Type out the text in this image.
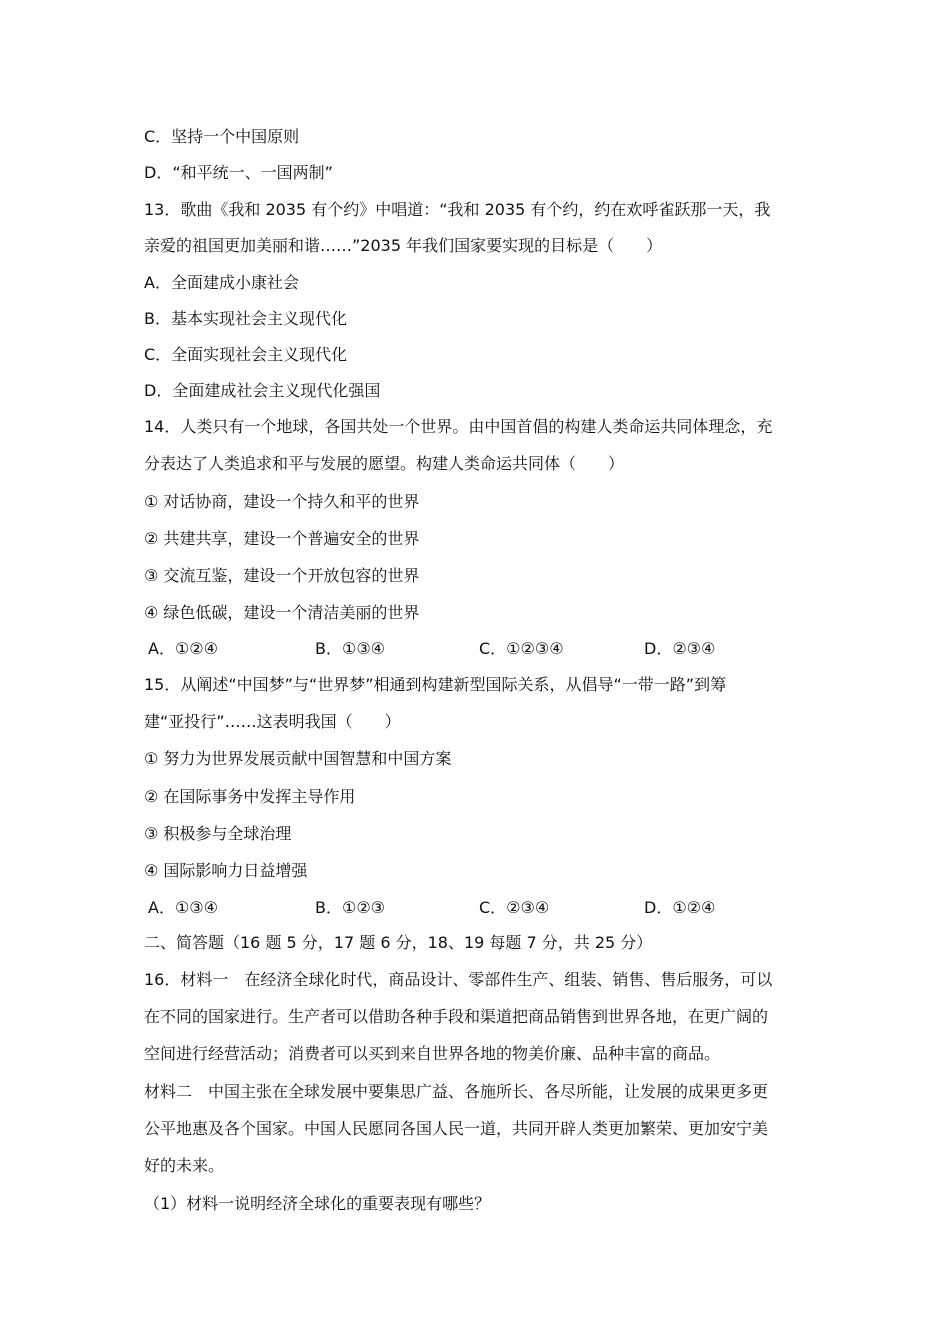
C．坚持一个中国原则
D．“和平统一、一国两制”
13．歌曲《我和 2035 有个约》中唱道：“我和 2035 有个约，约在欢呼雀跃那一天，我
亲爱的祖国更加美丽和谐……”2035 年我们国家要实现的目标是（　　）
A．全面建成小康社会
B．基本实现社会主义现代化
C．全面实现社会主义现代化
D．全面建成社会主义现代化强国
14．人类只有一个地球，各国共处一个世界。由中国首倡的构建人类命运共同体理念，充
分表达了人类追求和平与发展的愿望。构建人类命运共同体（　　）
① 对话协商，建设一个持久和平的世界
② 共建共享，建设一个普遍安全的世界
③ 交流互鉴，建设一个开放包容的世界
④ 绿色低碳，建设一个清洁美丽的世界
A．①②④	B．①③④	C．①②③④	D．②③④
15．从阐述“中国梦”与“世界梦”相通到构建新型国际关系，从倡导“一带一路”到筹
建“亚投行”……这表明我国（　　）
① 努力为世界发展贡献中国智慧和中国方案
② 在国际事务中发挥主导作用
③ 积极参与全球治理
④ 国际影响力日益增强
A．①③④	B．①②③	C．②③④	D．①②④
二、简答题（16 题 5 分，17 题 6 分，18、19 每题 7 分，共 25 分）
16．材料一　在经济全球化时代，商品设计、零部件生产、组装、销售、售后服务，可以
在不同的国家进行。生产者可以借助各种手段和渠道把商品销售到世界各地，在更广阔的
空间进行经营活动；消费者可以买到来自世界各地的物美价廉、品种丰富的商品。
材料二　中国主张在全球发展中要集思广益、各施所长、各尽所能，让发展的成果更多更
公平地惠及各个国家。中国人民愿同各国人民一道，共同开辟人类更加繁荣、更加安宁美
好的未来。
（1）材料一说明经济全球化的重要表现有哪些？
